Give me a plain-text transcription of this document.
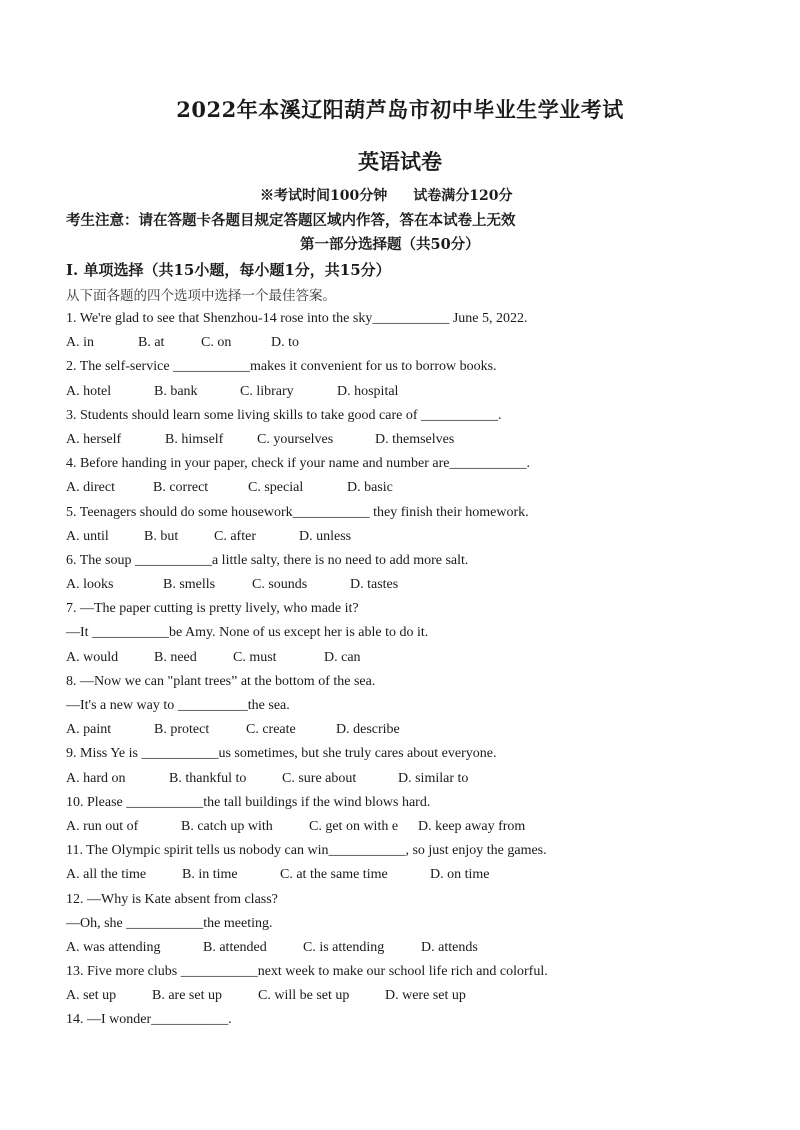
2022年本溪辽阳葫芦岛市初中毕业生学业考试
英语试卷
※考试时间100分钟 试卷满分120分
考生注意：请在答题卡各题目规定答题区域内作答，答在本试卷上无效
第一部分选择题（共50分）
I. 单项选择（共15小题，每小题1分，共15分）
从下面各题的四个选项中选择一个最佳答案。
1. We're glad to see that Shenzhou-14 rose into the sky___________ June 5, 2022.
A. in	B. at	C. on	D. to
2. The self-service ___________makes it convenient for us to borrow books.
A. hotel	B. bank	C. library	D. hospital
3. Students should learn some living skills to take good care of ___________.
A. herself	B. himself C. yourselves	D. themselves
4. Before handing in your paper, check if your name and number are___________.
A. direct	B. correct	C. special	D. basic
5. Teenagers should do some housework___________ they finish their homework.
A. until	B. but	C. after	D. unless
6. The soup ___________a little salty, there is no need to add more salt.
A. looks	B. smells	C. sounds	D. tastes
7. —The paper cutting is pretty lively, who made it?
—It ___________be Amy. None of us except her is able to do it.
A. would	B. need	C. must	D. can
8. —Now we can "plant trees” at the bottom of the sea.
—It's a new way to __________the sea.
A. paint	B. protect	C. create	D. describe
9. Miss Ye is ___________us sometimes, but she truly cares about everyone.
A. hard on	B. thankful to	C. sure about	D. similar to
10. Please ___________the tall buildings if the wind blows hard.
A. run out of	B. catch up with	C. get on with e D. keep away from
11. The Olympic spirit tells us nobody can win___________, so just enjoy the games.
A. all the time	B. in time	C. at the same time	D. on time
12. —Why is Kate absent from class?
—Oh, she ___________the meeting.
A. was attending	B. attended	C. is attending	D. attends
13. Five more clubs ___________next week to make our school life rich and colorful.
A. set up	B. are set up	C. will be set up	D. were set up
14. —I wonder___________.
